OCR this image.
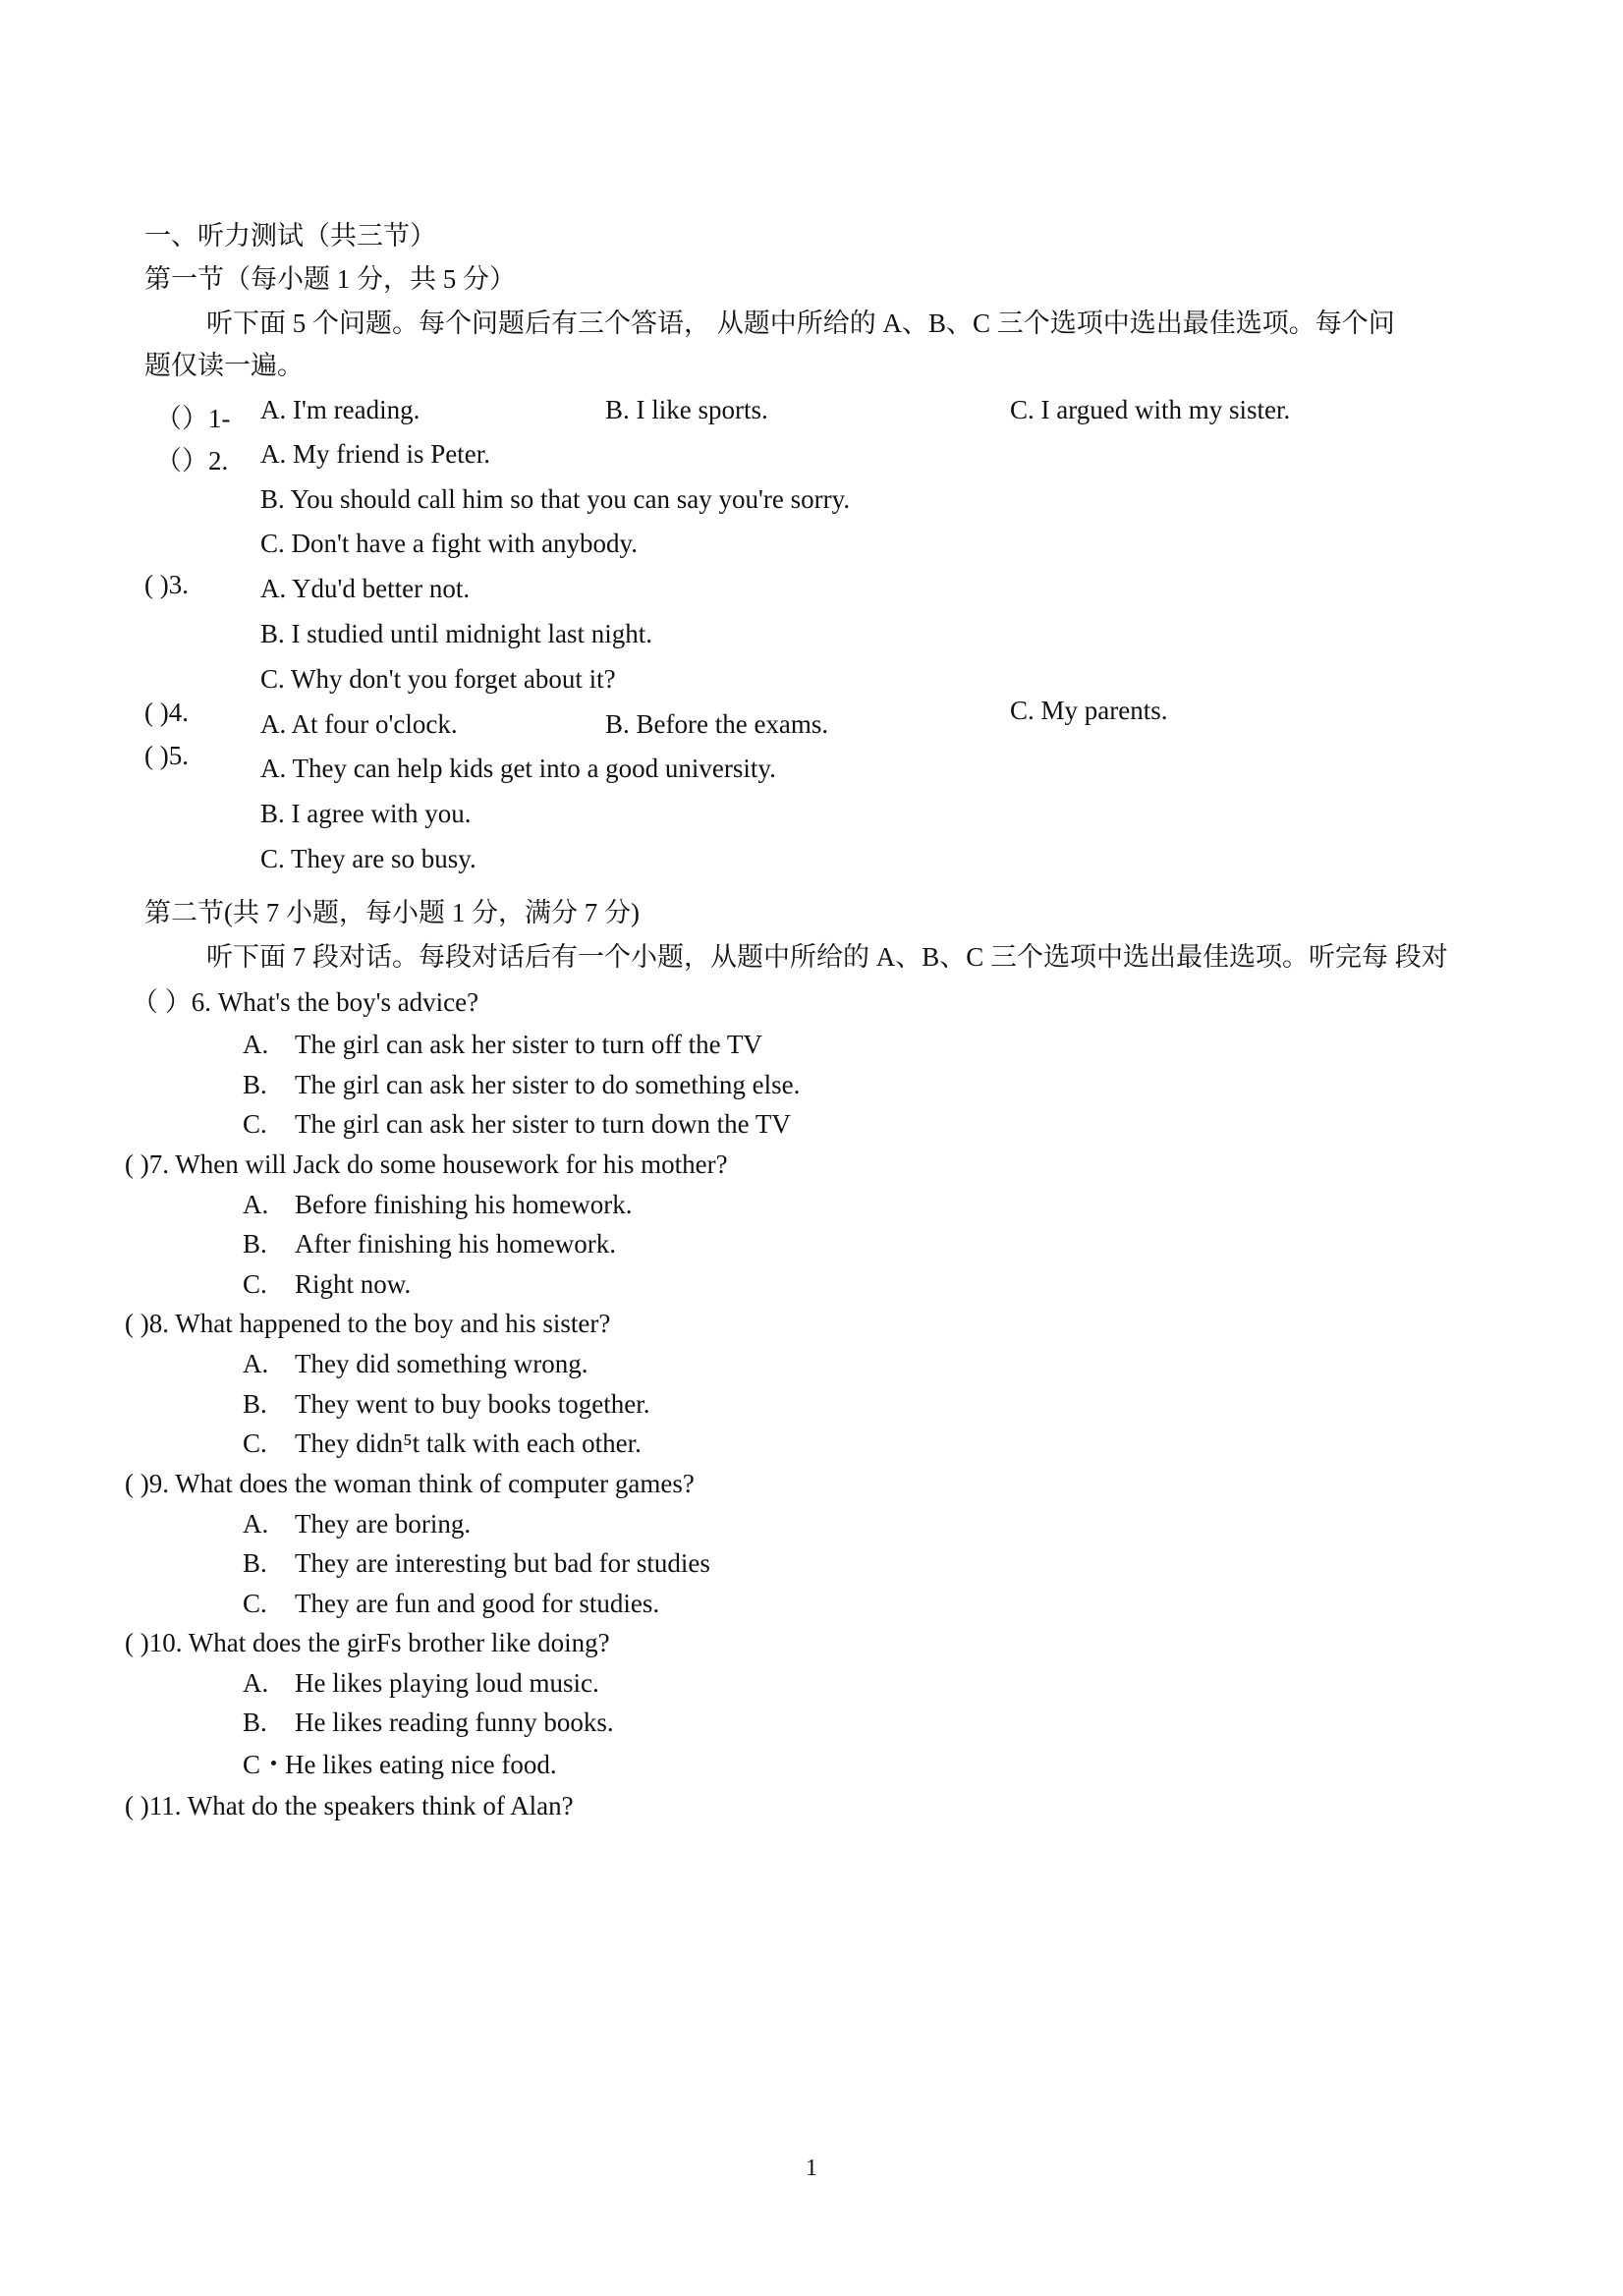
一、听力测试（共三节）
第一节（每小题 1 分，共 5 分）
听下面 5 个问题。每个问题后有三个答语， 从题中所给的 A、B、C 三个选项中选出最佳选项。每个问
题仅读一遍。
（）1- A. I'm reading.	B. I like sports.	C. I argued with my sister.
（）2. A. My friend is Peter.
B. You should call him so that you can say you're sorry.
C. Don't have a fight with anybody.
( )3.	A. Ydu'd better not.
B. I studied until midnight last night.
C. Why don't you forget about it?
( )4.	A. At four o'clock.	B. Before the exams.	C. My parents.
( )5.	A. They can help kids get into a good university.
B. I agree with you.
C. They are so busy.
第二节(共 7 小题，每小题 1 分，满分 7 分)
听下面 7 段对话。每段对话后有一个小题，从题中所给的 A、B、C 三个选项中选出最佳选项。听完每 段对
（ ）6. What's the boy's advice?
A. The girl can ask her sister to turn off the TV
B. The girl can ask her sister to do something else.
C. The girl can ask her sister to turn down the TV
( )7. When will Jack do some housework for his mother?
A. Before finishing his homework.
B. After finishing his homework.
C. Right now.
( )8. What happened to the boy and his sister?
A. They did something wrong.
B. They went to buy books together.
C. They didn⁵t talk with each other.
( )9. What does the woman think of computer games?
A. They are boring.
B. They are interesting but bad for studies
C. They are fun and good for studies.
( )10. What does the girFs brother like doing?
A. He likes playing loud music.
B. He likes reading funny books.
C・
He likes eating nice food.
( )11. What do the speakers think of Alan?
1
